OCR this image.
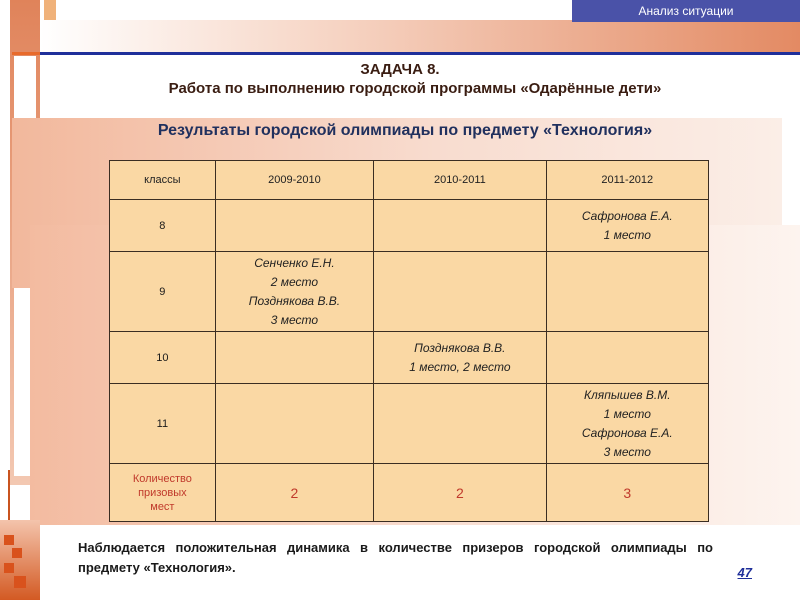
Анализ ситуации
ЗАДАЧА 8.
Работа по выполнению городской программы «Одарённые дети»
Результаты городской олимпиады по предмету «Технология»
классы	2009-2010	2010-2011	2011-2012
8			Сафронова Е.А.
1 место

9	Сенченко Е.Н.
2 место
Позднякова В.В.
3 место		

10		Позднякова В.В.
1 место, 2 место	

11			Кляпышев В.М.
1 место
Сафронова Е.А.
3 место

Количество
призовых
мест	2	2	3
Наблюдается положительная динамика в количестве призеров городской олимпиады по предмету «Технология».	47
